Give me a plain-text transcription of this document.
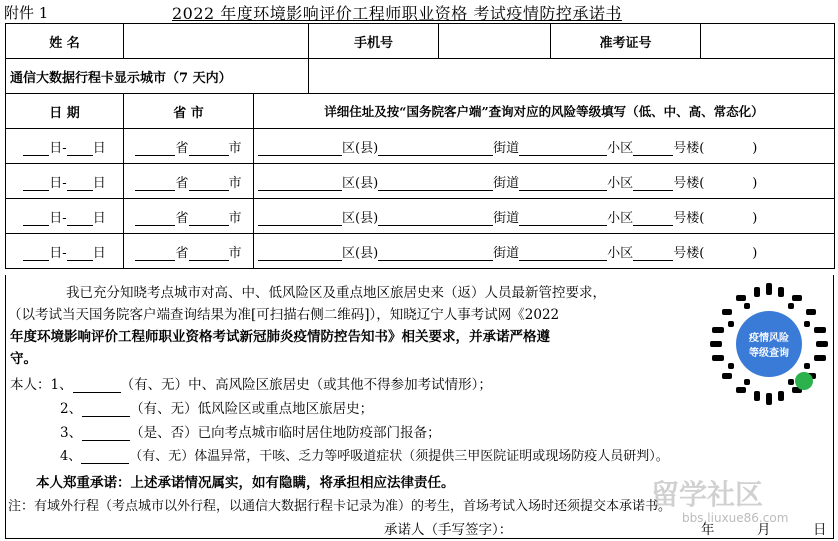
附件 1	2022 年度环境影响评价工程师职业资格 考试疫情防控承诺书
姓 名			手机号		准考证号	
通信大数据行程卡显示城市（7 天内）						
日 期	省 市	详细住址及按“国务院客户端”查询对应的风险等级填写（低、中、高、常态化）				
日- 日	省 市	区(县) 街道 小区 号楼( )				
日- 日	省 市	区(县) 街道 小区 号楼( )				
日- 日	省 市	区(县) 街道 小区 号楼( )				
日- 日	省 市	区(县) 街道 小区 号楼( )				
我已充分知晓考点城市对高、中、低风险区及重点地区旅居史来（返）人员最新管控要求，
（以考试当天国务院客户端查询结果为准[可扫描右侧二维码]），知晓辽宁人事考试网《2022
年度环境影响评价工程师职业资格考试新冠肺炎疫情防控告知书》相关要求，并承诺严格遵
守。
本人：1、	（有、无）中、高风险区旅居史（或其他不得参加考试情形）；
2、	（有、无）低风险区或重点地区旅居史；
3、	（是、否）已向考点城市临时居住地防疫部门报备；
4、	（有、无）体温异常，干咳、乏力等呼吸道症状（须提供三甲医院证明或现场防疫人员研判）。
本人郑重承诺：上述承诺情况属实，如有隐瞒，将承担相应法律责任。
注：有域外行程（考点城市以外行程，以通信大数据行程卡记录为准）的考生，首场考试入场时还须提交本承诺书。
承诺人（手写签字）：	年	月	日
疫情风险
等级查询
留学社区
bbs.liuxue86.com
